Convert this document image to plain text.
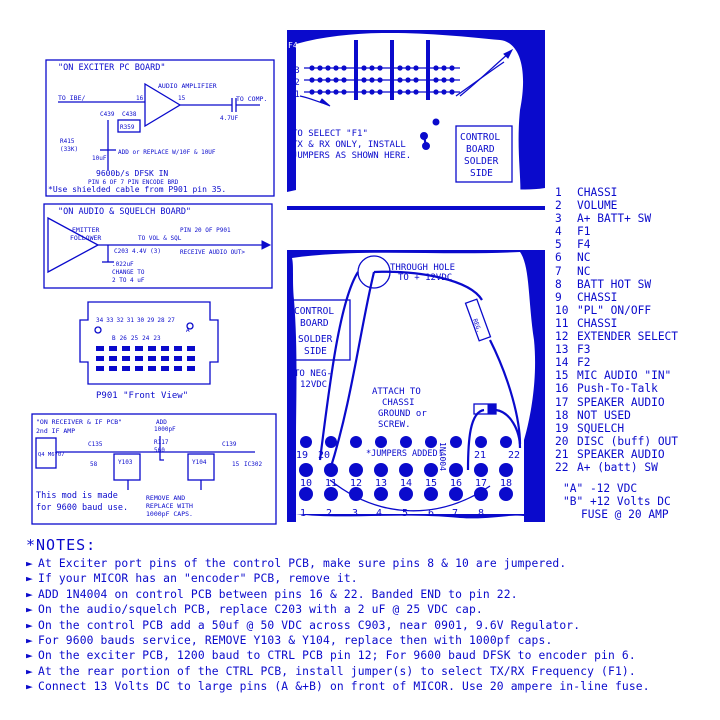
"ON EXCITER PC BOARD"
AUDIO AMPLIFIER
TO IBE/	TO COMP.
16	15
4.7UF
C439 C438
R359
R415
(33K)	ADD or REPLACE W/10F & 10UF
10uF
9600b/s DFSK IN
PIN 6 OF 7 PIN ENCODE BRD
*Use shielded cable from P901 pin 35.
"ON AUDIO & SQUELCH BOARD"
EMITTER
FOLLOWER
C203 4.4V (3)
.022uF
CHANGE TO
2 TO 4 uF
TO VOL & SQL
PIN 20 OF P901
RECEIVE AUDIO OUT>
34 33 32 31 30 29 28 27
A
B 26 25 24 23
P901 "Front View"
"ON RECEIVER & IF PCB"
2nd IF AMP
Q4 M6707
C135	R117
560
ADD
1000pF
C139
Y103	Y104	IC302
58	15
This mod is made
for 9600 baud use.
REMOVE AND
REPLACE WITH
1000pF CAPS.
F4
F3
F2
F1
TO SELECT "F1"
TX & RX ONLY, INSTALL
JUMPERS AS SHOWN HERE.
CONTROL
BOARD
SOLDER
SIDE
THROUGH HOLE
TO + 12VDC
CONTROL
BOARD
SOLDER
SIDE
TO NEG-
12VDC
ATTACH TO
CHASSI
GROUND or
SCREW.
*JUMPERS ADDED!
1N4004
REG.
19 20	21 22
10 11 12 13 14 15 16 17 18
1 2 3 4 5 6 7 8
1 CHASSI
2 VOLUME
3 A+ BATT+ SW
4 F1
5 F4
6 NC
7 NC
8 BATT HOT SW
9 CHASSI
10 "PL" ON/OFF
11 CHASSI
12 EXTENDER SELECT
13 F3
14 F2
15 MIC AUDIO "IN"
16 Push-To-Talk
17 SPEAKER AUDIO
18 NOT USED
19 SQUELCH
20 DISC (buff) OUT
21 SPEAKER AUDIO
22 A+ (batt) SW
"A" -12 VDC
"B" +12 Volts DC
FUSE @ 20 AMP
*NOTES:
► At Exciter port pins of the control PCB, make sure pins 8 & 10 are jumpered.
► If your MICOR has an "encoder" PCB, remove it.
► ADD 1N4004 on control PCB between pins 16 & 22. Banded END to pin 22.
► On the audio/squelch PCB, replace C203 with a 2 uF @ 25 VDC cap.
► On the control PCB add a 50uf @ 50 VDC across C903, near 0901, 9.6V Regulator.
► For 9600 bauds service, REMOVE Y103 & Y104, replace then with 1000pf caps.
► On the exciter PCB, 1200 baud to CTRL PCB pin 12; For 9600 baud DFSK to encoder pin 6.
► At the rear portion of the CTRL PCB, install jumper(s) to select TX/RX Frequency (F1).
► Connect 13 Volts DC to large pins (A &+B) on front of MICOR. Use 20 ampere in-line fuse.
